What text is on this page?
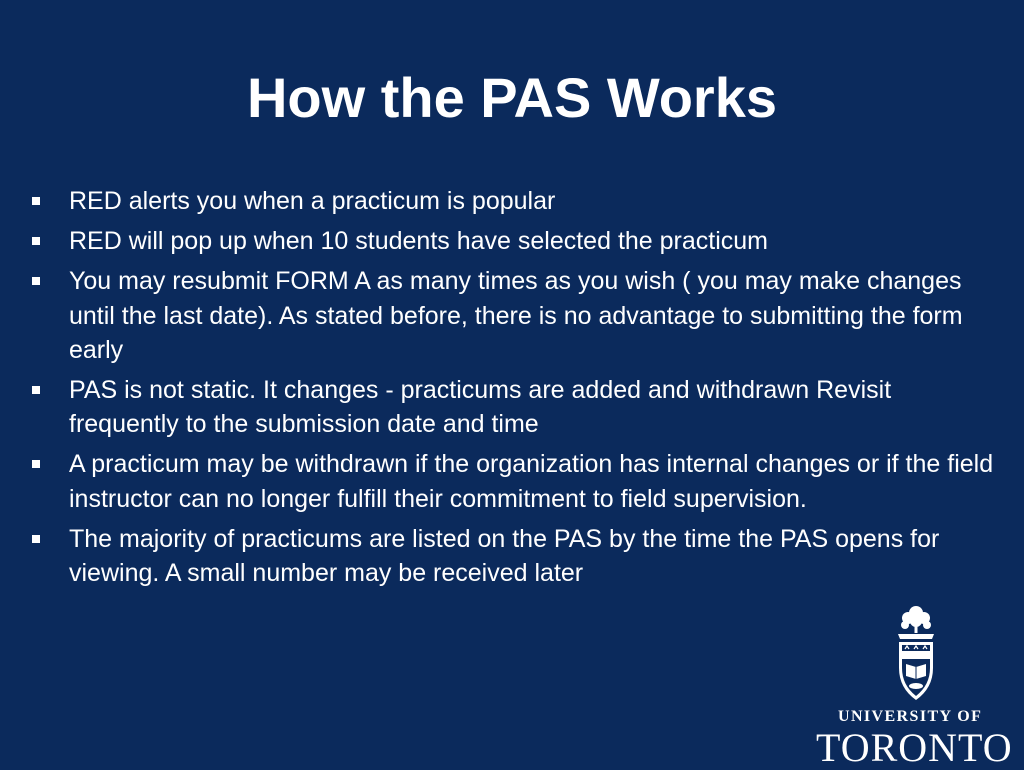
How the PAS Works
RED alerts you when a practicum is popular
RED will pop up when 10 students have selected the practicum
You may resubmit FORM A as many times as you wish ( you may make changes until the last date). As stated before, there is no advantage to submitting the form early
PAS is not static. It changes - practicums are added and withdrawn Revisit frequently to the submission date and time
A practicum may be withdrawn if the organization has internal changes or if the field instructor can no longer fulfill their commitment to field supervision.
The majority of practicums are listed on the PAS by the time the PAS opens for viewing. A small number may be received later
UNIVERSITY OF
TORONTO
